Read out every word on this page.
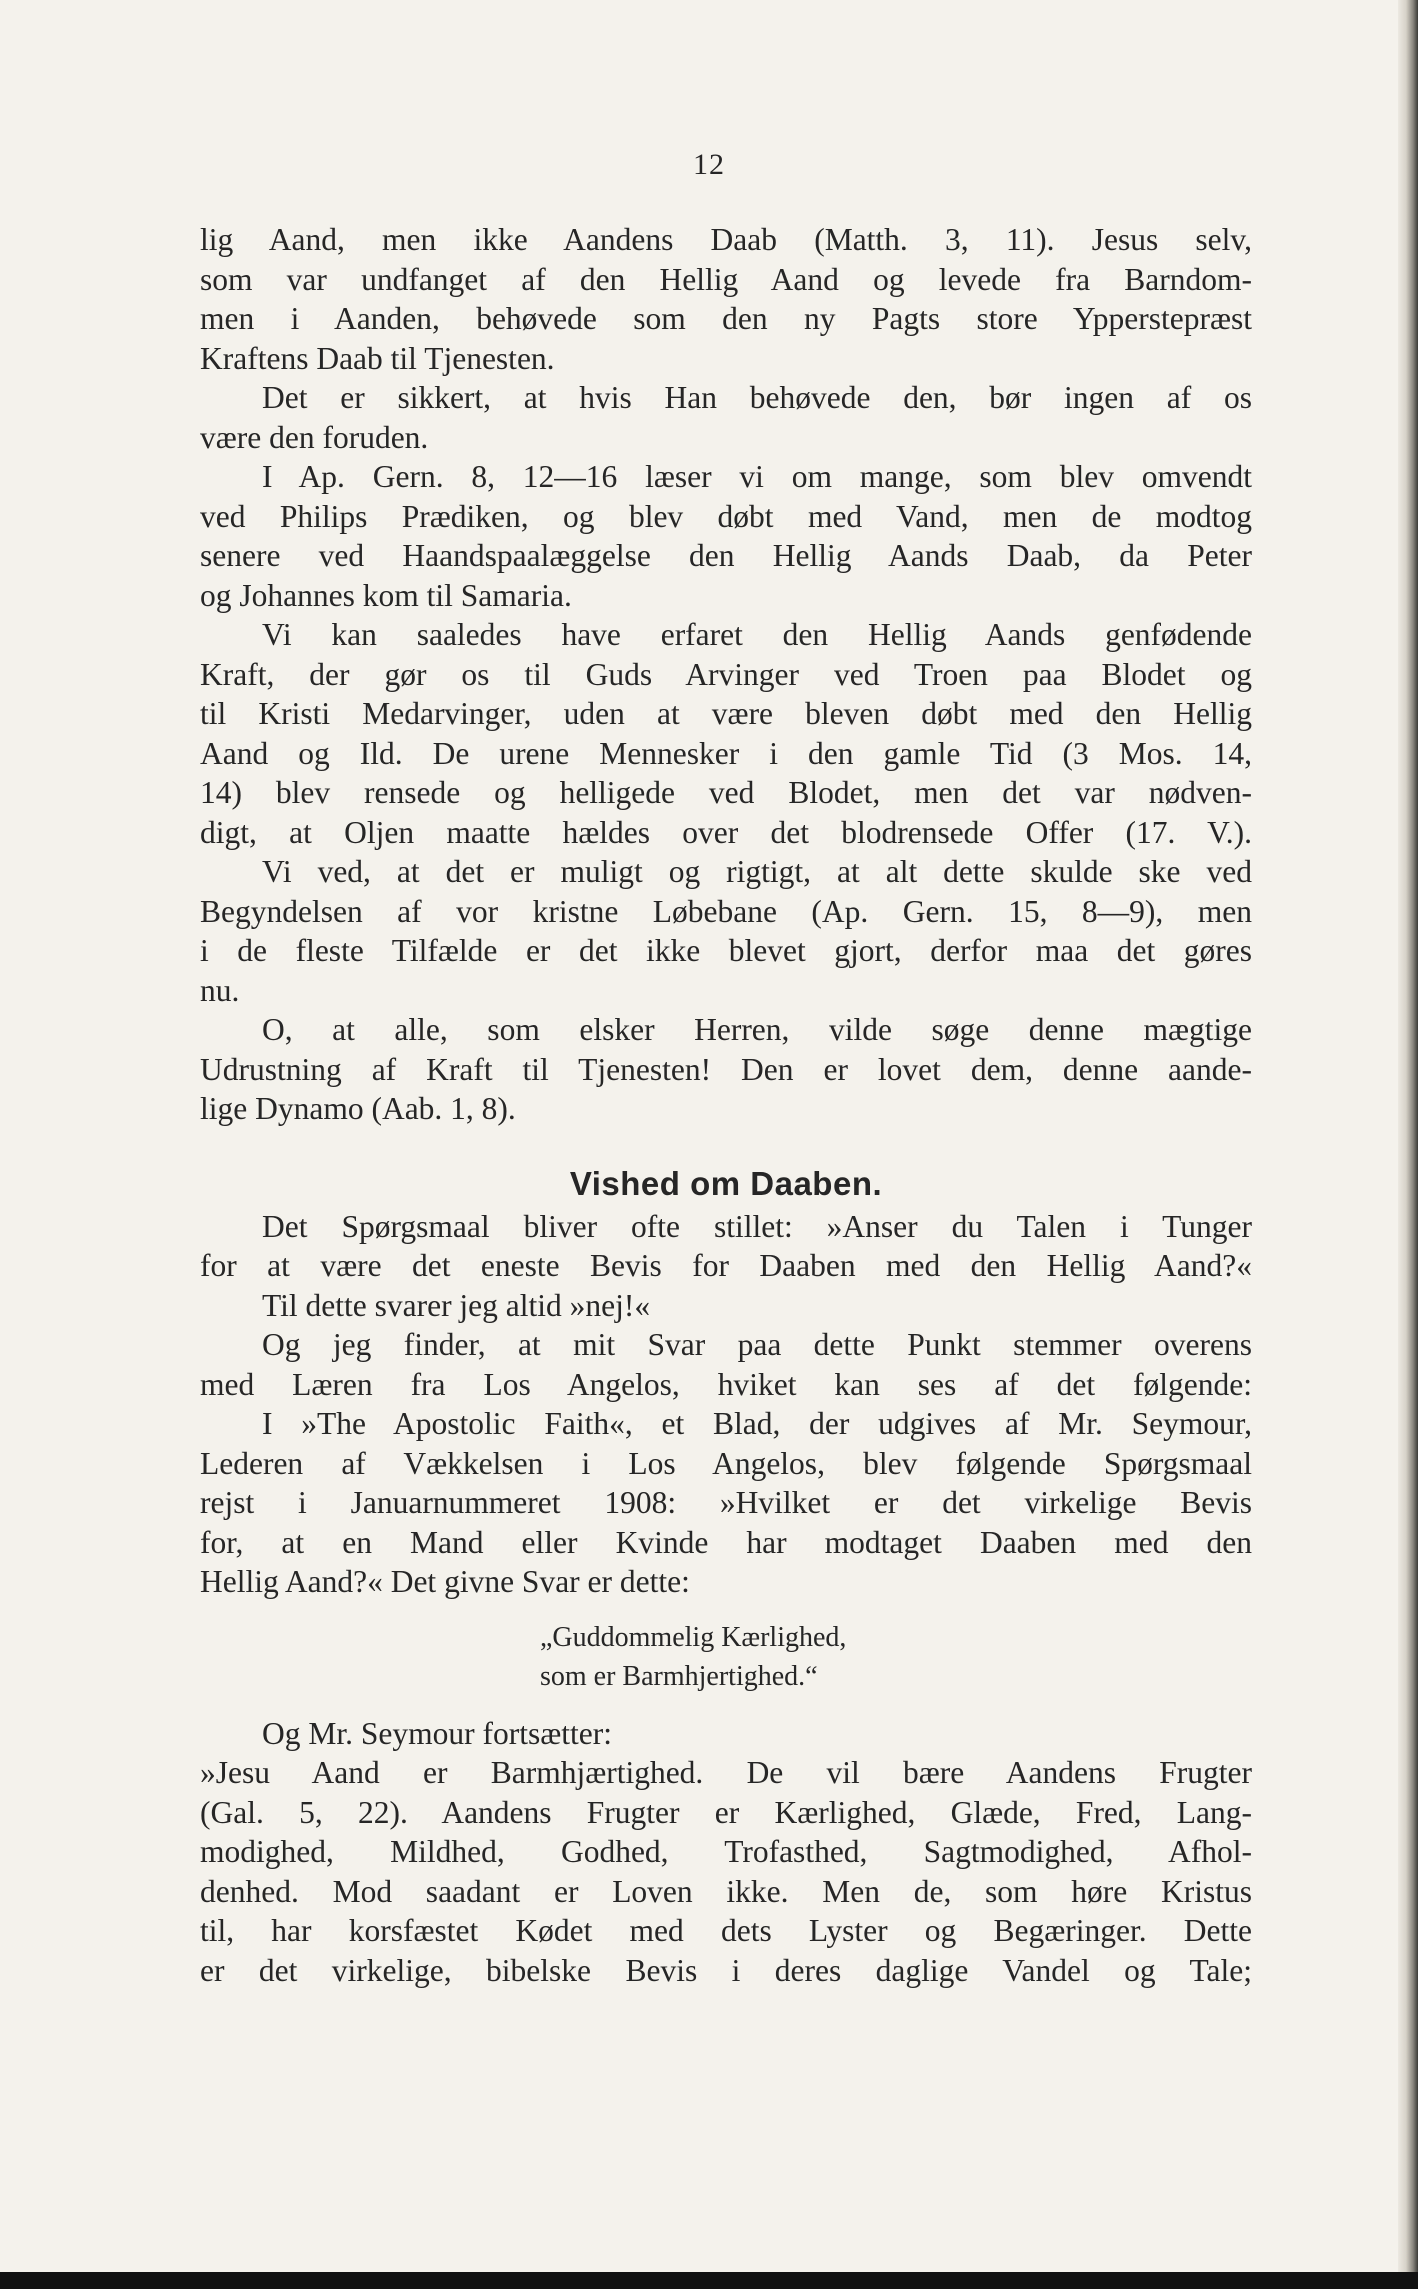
12
lig Aand, men ikke Aandens Daab (Matth. 3, 11). Jesus selv,
som var undfanget af den Hellig Aand og levede fra Barndom-
men i Aanden, behøvede som den ny Pagts store Ypperstepræst
Kraftens Daab til Tjenesten.
Det er sikkert, at hvis Han behøvede den, bør ingen af os
være den foruden.
I Ap. Gern. 8, 12—16 læser vi om mange, som blev omvendt
ved Philips Prædiken, og blev døbt med Vand, men de modtog
senere ved Haandspaalæggelse den Hellig Aands Daab, da Peter
og Johannes kom til Samaria.
Vi kan saaledes have erfaret den Hellig Aands genfødende
Kraft, der gør os til Guds Arvinger ved Troen paa Blodet og
til Kristi Medarvinger, uden at være bleven døbt med den Hellig
Aand og Ild. De urene Mennesker i den gamle Tid (3 Mos. 14,
14) blev rensede og helligede ved Blodet, men det var nødven-
digt, at Oljen maatte hældes over det blodrensede Offer (17. V.).
Vi ved, at det er muligt og rigtigt, at alt dette skulde ske ved
Begyndelsen af vor kristne Løbebane (Ap. Gern. 15, 8—9), men
i de fleste Tilfælde er det ikke blevet gjort, derfor maa det gøres
nu.
O, at alle, som elsker Herren, vilde søge denne mægtige
Udrustning af Kraft til Tjenesten! Den er lovet dem, denne aande-
lige Dynamo (Aab. 1, 8).
Vished om Daaben.
Det Spørgsmaal bliver ofte stillet: »Anser du Talen i Tunger
for at være det eneste Bevis for Daaben med den Hellig Aand?«
Til dette svarer jeg altid »nej!«
Og jeg finder, at mit Svar paa dette Punkt stemmer overens
med Læren fra Los Angelos, hviket kan ses af det følgende:
I »The Apostolic Faith«, et Blad, der udgives af Mr. Seymour,
Lederen af Vækkelsen i Los Angelos, blev følgende Spørgsmaal
rejst i Januarnummeret 1908: »Hvilket er det virkelige Bevis
for, at en Mand eller Kvinde har modtaget Daaben med den
Hellig Aand?« Det givne Svar er dette:
„Guddommelig Kærlighed,
som er Barmhjertighed.“
Og Mr. Seymour fortsætter:
»Jesu Aand er Barmhjærtighed. De vil bære Aandens Frugter
(Gal. 5, 22). Aandens Frugter er Kærlighed, Glæde, Fred, Lang-
modighed, Mildhed, Godhed, Trofasthed, Sagtmodighed, Afhol-
denhed. Mod saadant er Loven ikke. Men de, som høre Kristus
til, har korsfæstet Kødet med dets Lyster og Begæringer. Dette
er det virkelige, bibelske Bevis i deres daglige Vandel og Tale;
